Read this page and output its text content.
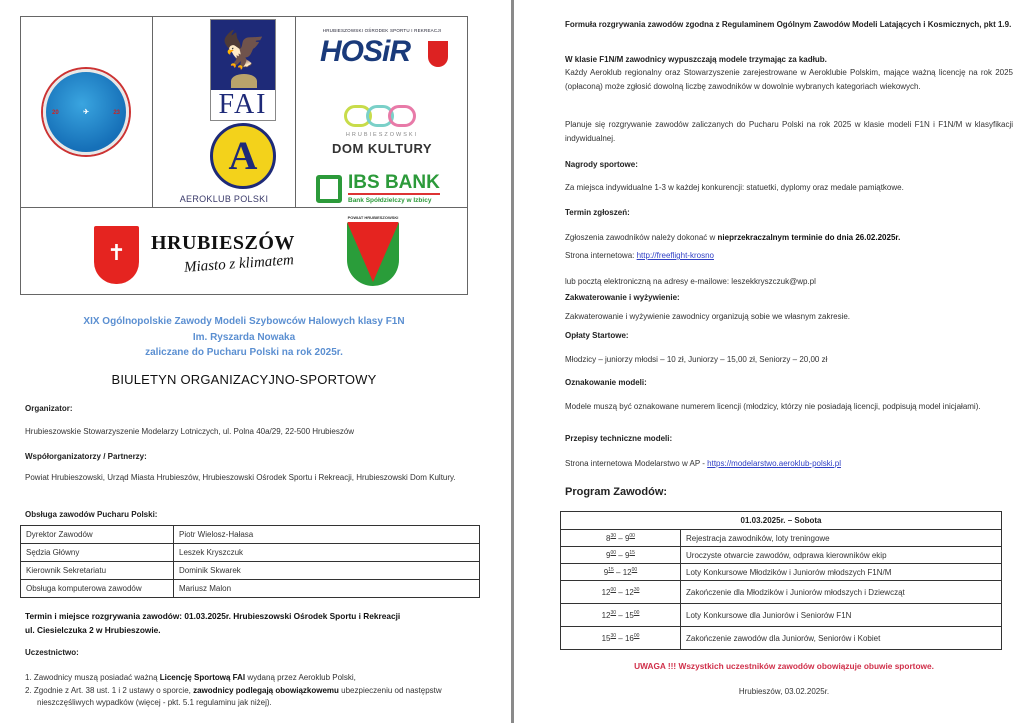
20	23
✈
🦅
FAI
A
AEROKLUB POLSKI
HRUBIESZOWSKI OŚRODEK SPORTU I REKREACJI
HOSiR
HRUBIESZOWSKI
DOM KULTURY
IBS BANK
Bank Spółdzielczy w Izbicy
✝	HRUBIESZÓW
Miasto z klimatem
POWIAT HRUBIESZOWSKI
XIX Ogólnopolskie Zawody Modeli Szybowców Halowych klasy F1N
Im. Ryszarda Nowaka
zaliczane do Pucharu Polski na rok 2025r.
BIULETYN ORGANIZACYJNO-SPORTOWY
Organizator:
Hrubieszowskie Stowarzyszenie Modelarzy Lotniczych, ul. Polna 40a/29, 22-500 Hrubieszów
Współorganizatorzy / Partnerzy:
Powiat Hrubieszowski, Urząd Miasta Hrubieszów, Hrubieszowski Ośrodek Sportu i Rekreacji, Hrubieszowski Dom Kultury.
Obsługa zawodów Pucharu Polski:
Dyrektor Zawodów	Piotr Wielosz-Hałasa
Sędzia Główny	Leszek Kryszczuk
Kierownik Sekretariatu	Dominik Skwarek
Obsługa komputerowa zawodów	Mariusz Malon
Termin i miejsce rozgrywania zawodów: 01.03.2025r. Hrubieszowski Ośrodek Sportu i Rekreacji
ul. Ciesielczuka 2 w Hrubieszowie.
Uczestnictwo:
1. Zawodnicy muszą posiadać ważną Licencję Sportową FAI wydaną przez Aeroklub Polski,
2. Zgodnie z Art. 38 ust. 1 i 2 ustawy o sporcie, zawodnicy podlegają obowiązkowemu ubezpieczeniu od następstw nieszczęśliwych wypadków (więcej - pkt. 5.1 regulaminu jak niżej).
Formuła rozgrywania zawodów zgodna z Regulaminem Ogólnym Zawodów Modeli Latających i Kosmicznych, pkt 1.9.
W klasie F1N/M zawodnicy wypuszczają modele trzymając za kadłub.
Każdy Aeroklub regionalny oraz Stowarzyszenie zarejestrowane w Aeroklubie Polskim, mające ważną licencję na rok 2025 (opłaconą) może zgłosić dowolną liczbę zawodników w dowolnie wybranych kategoriach wiekowych.
Planuje się rozgrywanie zawodów zaliczanych do Pucharu Polski na rok 2025 w klasie modeli F1N i F1N/M w klasyfikacji indywidualnej.
Nagrody sportowe:
Za miejsca indywidualne 1-3 w każdej konkurencji: statuetki, dyplomy oraz medale pamiątkowe.
Termin zgłoszeń:
Zgłoszenia zawodników należy dokonać w nieprzekraczalnym terminie do dnia 26.02.2025r.
Strona internetowa: http://freeflight-krosno
lub pocztą elektroniczną na adresy e-mailowe: leszekkryszczuk@wp.pl
Zakwaterowanie i wyżywienie:
Zakwaterowanie i wyżywienie zawodnicy organizują sobie we własnym zakresie.
Opłaty Startowe:
Młodzicy – juniorzy młodsi – 10 zł, Juniorzy – 15,00 zł, Seniorzy – 20,00 zł
Oznakowanie modeli:
Modele muszą być oznakowane numerem licencji (młodzicy, którzy nie posiadają licencji, podpisują model inicjałami).
Przepisy techniczne modeli:
Strona internetowa Modelarstwo w AP - https://modelarstwo.aeroklub-polski.pl
Program Zawodów:
01.03.2025r. – Sobota	
$8^{30} - 9^{00}$	Rejestracja zawodników, loty treningowe
$9^{00} - 9^{15}$	Uroczyste otwarcie zawodów, odprawa kierowników ekip
$9^{15} - 12^{00}$	Loty Konkursowe Młodzików i Juniorów młodszych F1N/M
$12^{00} - 12^{30}$	Zakończenie dla Młodzików i Juniorów młodszych i Dziewcząt
$12^{30} - 15^{00}$	Loty Konkursowe dla Juniorów i Seniorów F1N
$15^{30} - 16^{00}$	Zakończenie zawodów dla Juniorów, Seniorów i Kobiet
UWAGA !!! Wszystkich uczestników zawodów obowiązuje obuwie sportowe.
Hrubieszów, 03.02.2025r.
